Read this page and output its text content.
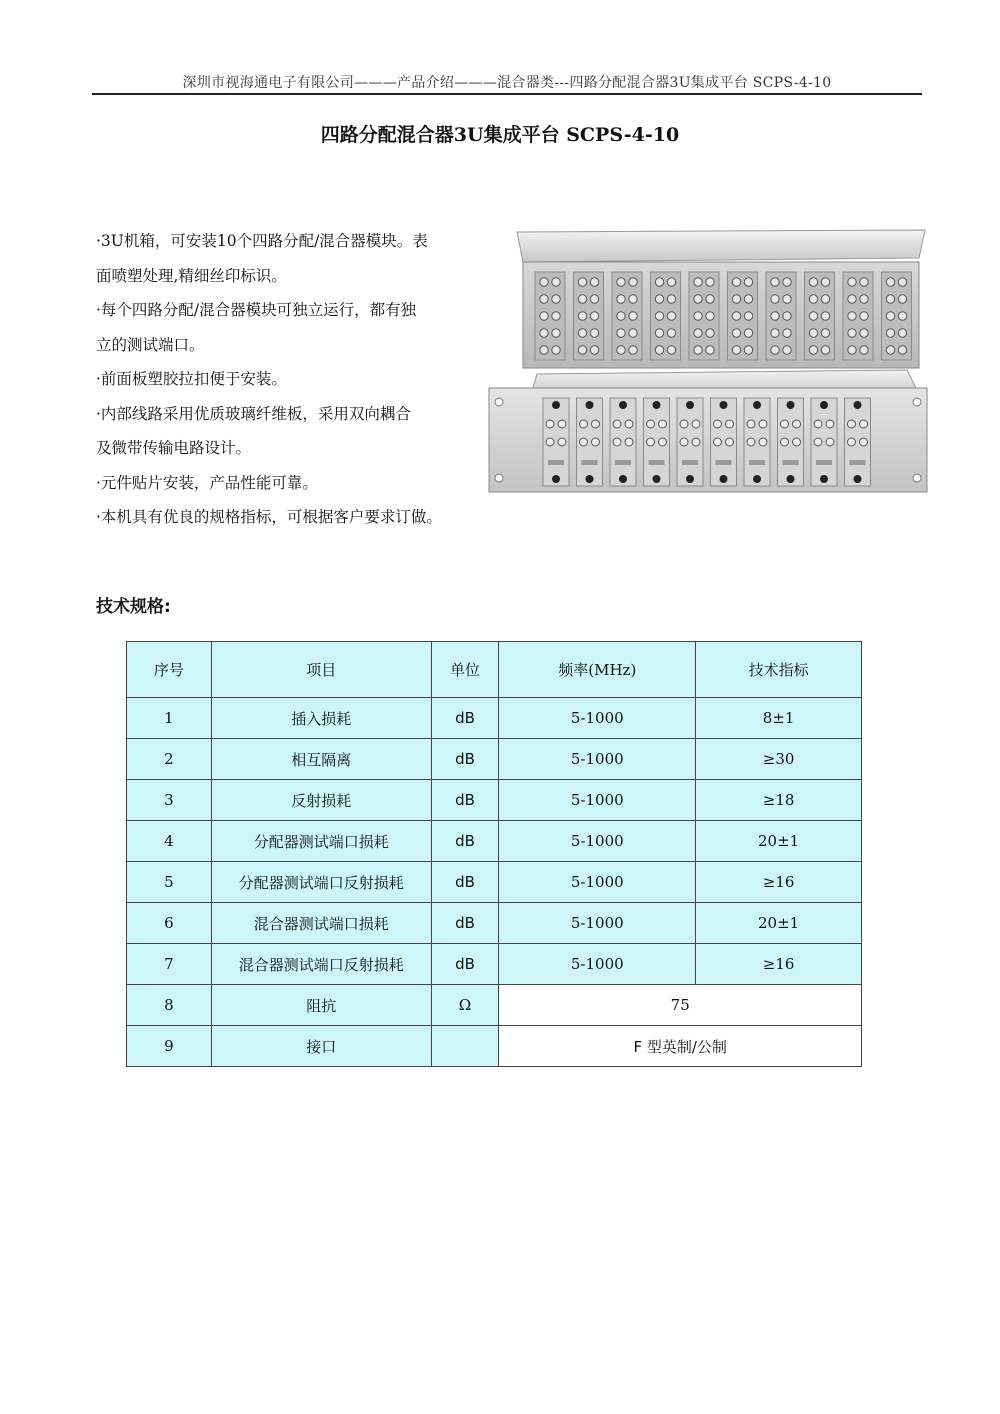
深圳市视海通电子有限公司———产品介绍———混合器类---四路分配混合器3U集成平台 SCPS-4-10
四路分配混合器3U集成平台 SCPS-4-10
·3U机箱，可安装10个四路分配/混合器模块。表
面喷塑处理,精细丝印标识。
·每个四路分配/混合器模块可独立运行，都有独
立的测试端口。
·前面板塑胶拉扣便于安装。
·内部线路采用优质玻璃纤维板，采用双向耦合
及微带传输电路设计。
·元件贴片安装，产品性能可靠。
·本机具有优良的规格指标，可根据客户要求订做。
技术规格:
序号	项目	单位	频率(MHz)	技术指标
1	插入损耗	dB	5-1000	8±1
2	相互隔离	dB	5-1000	≥30
3	反射损耗	dB	5-1000	≥18
4	分配器测试端口损耗	dB	5-1000	20±1
5	分配器测试端口反射损耗	dB	5-1000	≥16
6	混合器测试端口损耗	dB	5-1000	20±1
7	混合器测试端口反射损耗	dB	5-1000	≥16
8	阻抗	Ω	75	
9	接口		F 型英制/公制	
